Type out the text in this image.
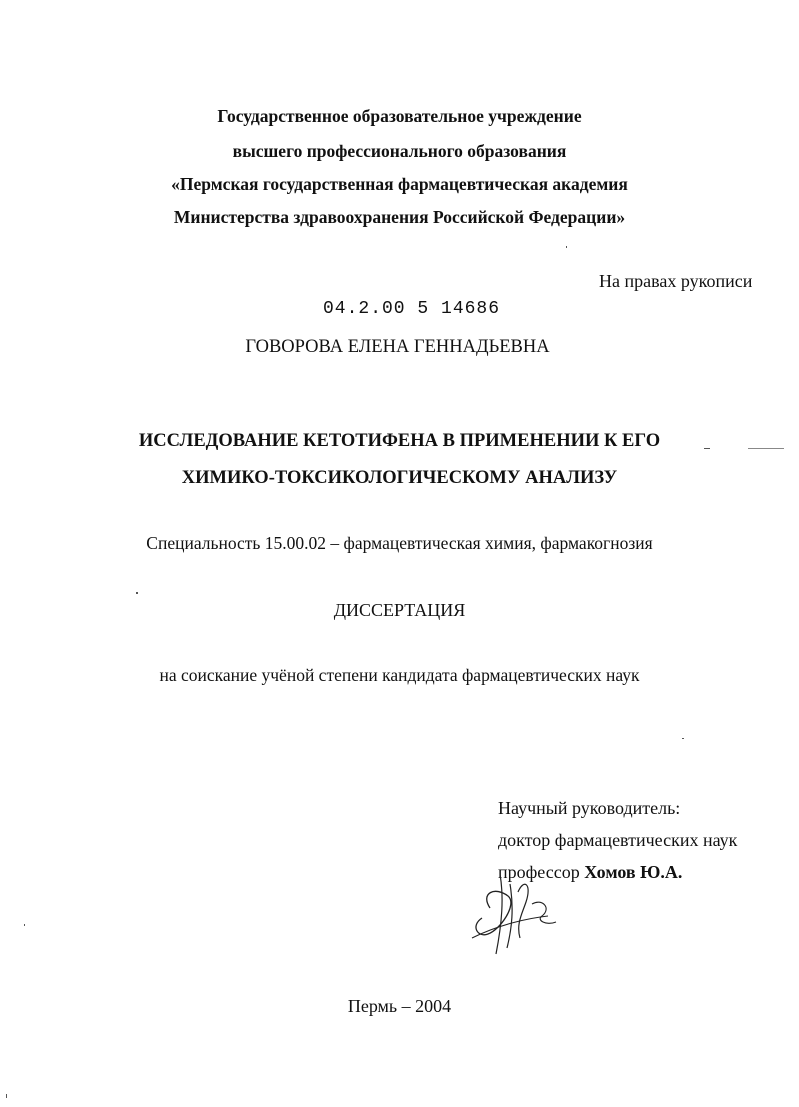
Государственное образовательное учреждение
высшего профессионального образования
«Пермская государственная фармацевтическая академия
Министерства здравоохранения Российской Федерации»
На правах рукописи
04.2.00 5 14686
ГОВОРОВА ЕЛЕНА ГЕННАДЬЕВНА
ИССЛЕДОВАНИЕ КЕТОТИФЕНА В ПРИМЕНЕНИИ К ЕГО
ХИМИКО-ТОКСИКОЛОГИЧЕСКОМУ АНАЛИЗУ
Специальность 15.00.02 – фармацевтическая химия, фармакогнозия
ДИССЕРТАЦИЯ
на соискание учёной степени кандидата фармацевтических наук
Научный руководитель:
доктор фармацевтических наук
профессор Хомов Ю.А.
Пермь – 2004
